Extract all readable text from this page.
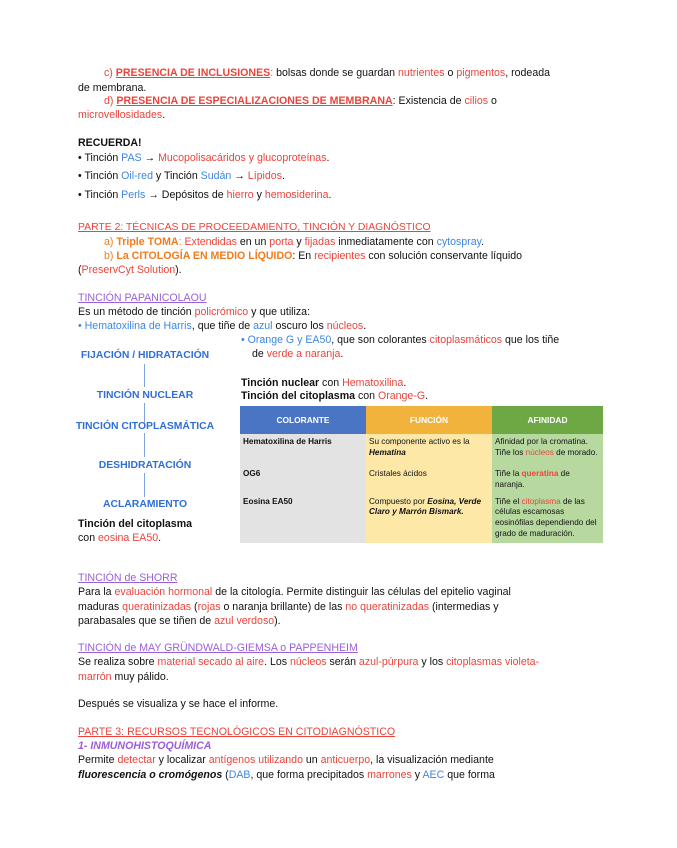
c) PRESENCIA DE INCLUSIONES: bolsas donde se guardan nutrientes o pigmentos, rodeada
de membrana.
d) PRESENCIA DE ESPECIALIZACIONES DE MEMBRANA: Existencia de cilios o
microvellosidades.
RECUERDA!
• Tinción PAS → Mucopolisacáridos y glucoproteínas.
• Tinción Oil-red y Tinción Sudán → Lípidos.
• Tinción Perls → Depósitos de hierro y hemosiderina.
PARTE 2: TÉCNICAS DE PROCEEDAMIENTO, TINCIÓN Y DIAGNÓSTICO
a) Triple TOMA: Extendidas en un porta y fijadas inmediatamente con cytospray.
b) La CITOLOGÍA EN MEDIO LÍQUIDO: En recipientes con solución conservante líquido
(PreservCyt Solution).
TINCIÓN PAPANICOLAOU
Es un método de tinción policrómico y que utiliza:
• Hematoxilina de Harris, que tiñe de azul oscuro los núcleos.
• Orange G y EA50, que son colorantes citoplasmáticos que los tiñe
de verde a naranja.
FIJACIÓN / HIDRATACIÓN
TINCIÓN NUCLEAR
TINCIÓN CITOPLASMÁTICA
DESHIDRATACIÓN
ACLARAMIENTO
Tinción nuclear con Hematoxilina.
Tinción del citoplasma con Orange-G.
Tinción del citoplasma
con eosina EA50.
COLORANTE	FUNCIÓN	AFINIDAD
Hematoxilina de Harris	Su componente activo es la Hematina	Afinidad por la cromatina. Tiñe los núcleos de morado.
OG6	Cristales ácidos	Tiñe la queratina de naranja.
Eosina EA50	Compuesto por Eosina, Verde Claro y Marrón Bismark.	Tiñe el citoplasma de las células escamosas eosinófilas dependiendo del grado de maduración.
TINCIÓN de SHORR
Para la evaluación hormonal de la citología. Permite distinguir las células del epitelio vaginal
maduras queratinizadas (rojas o naranja brillante) de las no queratinizadas (intermedias y
parabasales que se tiñen de azul verdoso).
TINCIÓN de MAY GRÜNDWALD-GIEMSA o PAPPENHEIM
Se realiza sobre material secado al aire. Los núcleos serán azul-púrpura y los citoplasmas violeta-
marrón muy pálido.
Después se visualiza y se hace el informe.
PARTE 3: RECURSOS TECNOLÓGICOS EN CITODIAGNÓSTICO
1- INMUNOHISTOQUÍMICA
Permite detectar y localizar antígenos utilizando un anticuerpo, la visualización mediante
fluorescencia o cromógenos (DAB, que forma precipitados marrones y AEC que forma
